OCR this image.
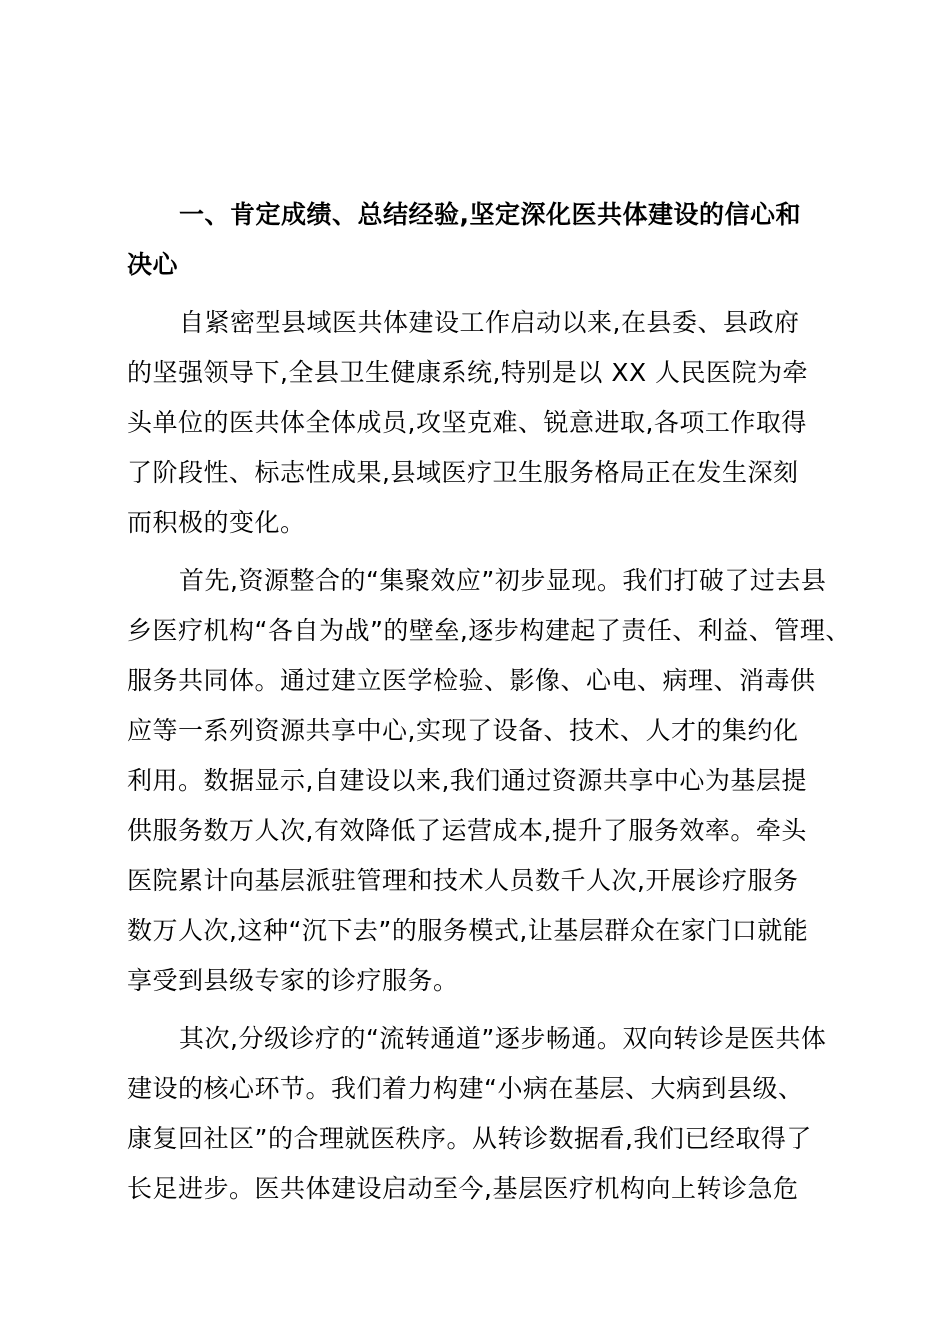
一、肯定成绩、总结经验,坚定深化医共体建设的信心和
决心
自紧密型县域医共体建设工作启动以来,在县委、县政府
的坚强领导下,全县卫生健康系统,特别是以 XX 人民医院为牵
头单位的医共体全体成员,攻坚克难、锐意进取,各项工作取得
了阶段性、标志性成果,县域医疗卫生服务格局正在发生深刻
而积极的变化。
首先,资源整合的“集聚效应”初步显现。我们打破了过去县
乡医疗机构“各自为战”的壁垒,逐步构建起了责任、利益、管理、
服务共同体。通过建立医学检验、影像、心电、病理、消毒供
应等一系列资源共享中心,实现了设备、技术、人才的集约化
利用。数据显示,自建设以来,我们通过资源共享中心为基层提
供服务数万人次,有效降低了运营成本,提升了服务效率。牵头
医院累计向基层派驻管理和技术人员数千人次,开展诊疗服务
数万人次,这种“沉下去”的服务模式,让基层群众在家门口就能
享受到县级专家的诊疗服务。
其次,分级诊疗的“流转通道”逐步畅通。双向转诊是医共体
建设的核心环节。我们着力构建“小病在基层、大病到县级、
康复回社区”的合理就医秩序。从转诊数据看,我们已经取得了
长足进步。医共体建设启动至今,基层医疗机构向上转诊急危
